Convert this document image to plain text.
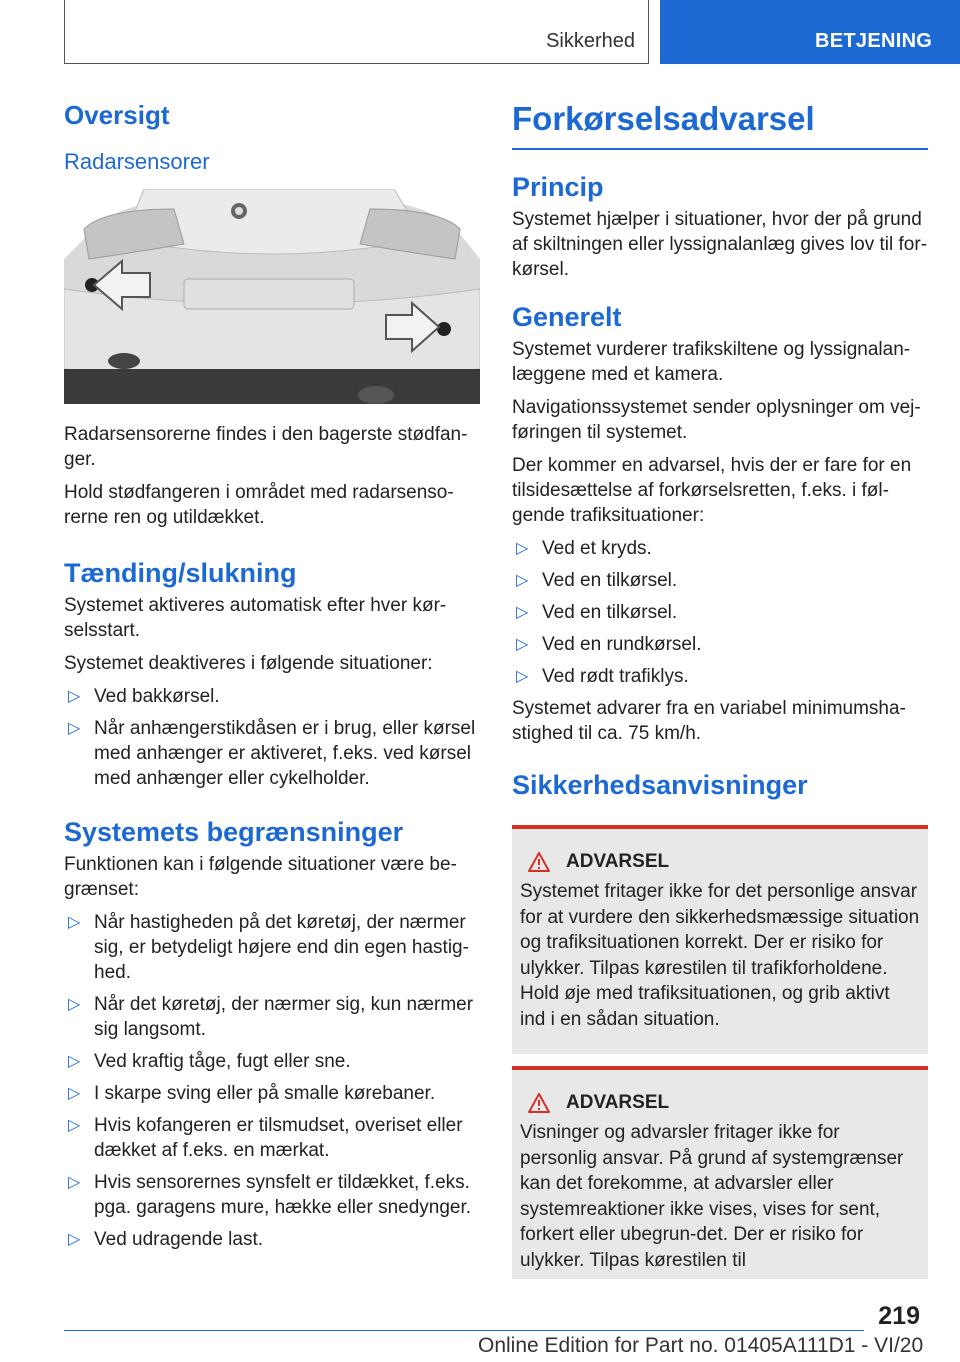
Sikkerhed	BETJENING
Oversigt
Radarsensorer

Radarsensorerne findes i den bagerste stødfan-ger.

Hold stødfangeren i området med radarsenso-rerne ren og utildækket.

Tænding/slukning

Systemet aktiveres automatisk efter hver kør-selsstart.

Systemet deaktiveres i følgende situationer:

▷ Ved bakkørsel.
▷ Når anhængerstikdåsen er i brug, eller kørsel med anhænger er aktiveret, f.eks. ved kørsel med anhænger eller cykelholder.
Systemets begrænsninger

Funktionen kan i følgende situationer være be-grænset:

▷ Når hastigheden på det køretøj, der nærmer sig, er betydeligt højere end din egen hastig-hed.
▷ Når det køretøj, der nærmer sig, kun nærmer sig langsomt.
▷ Ved kraftig tåge, fugt eller sne.
▷ I skarpe sving eller på smalle kørebaner.
▷ Hvis kofangeren er tilsmudset, overiset eller dækket af f.eks. en mærkat.
▷ Hvis sensorernes synsfelt er tildækket, f.eks. pga. garagens mure, hække eller snedynger.
▷ Ved udragende last.
Forkørselsadvarsel
Princip

Systemet hjælper i situationer, hvor der på grund af skiltningen eller lyssignalanlæg gives lov til for-kørsel.

Generelt

Systemet vurderer trafikskiltene og lyssignalan-læggene med et kamera.

Navigationssystemet sender oplysninger om vej-føringen til systemet.

Der kommer en advarsel, hvis der er fare for en tilsidesættelse af forkørselsretten, f.eks. i føl-gende trafiksituationer:

▷ Ved et kryds.
▷ Ved en tilkørsel.
▷ Ved en tilkørsel.
▷ Ved en rundkørsel.
▷ Ved rødt trafiklys.

Systemet advarer fra en variabel minimumsha-stighed til ca. 75 km/h.

Sikkerhedsanvisninger
ADVARSEL

Systemet fritager ikke for det personlige ansvar for at vurdere den sikkerhedsmæssige situation og trafiksituationen korrekt. Der er risiko for ulykker. Tilpas kørestilen til trafikforholdene. Hold øje med trafiksituationen, og grib aktivt ind i en sådan situation.

ADVARSEL

Visninger og advarsler fritager ikke for personlig ansvar. På grund af systemgrænser kan det forekomme, at advarsler eller systemreaktioner ikke vises, vises for sent, forkert eller ubegrun-det. Der er risiko for ulykker. Tilpas kørestilen til

219
Online Edition for Part no. 01405A111D1 - VI/20
